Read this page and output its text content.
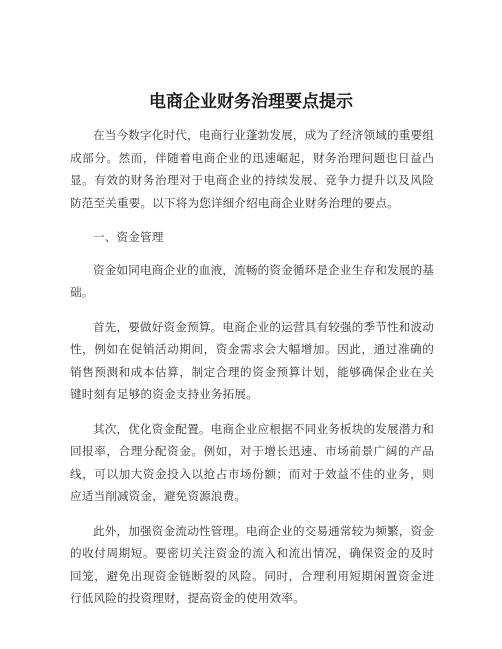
电商企业财务治理要点提示

在当今数字化时代，电商行业蓬勃发展，成为了经济领域的重要组成部分。然而，伴随着电商企业的迅速崛起，财务治理问题也日益凸显。有效的财务治理对于电商企业的持续发展、竞争力提升以及风险防范至关重要。以下将为您详细介绍电商企业财务治理的要点。

一、资金管理

资金如同电商企业的血液，流畅的资金循环是企业生存和发展的基础。

首先，要做好资金预算。电商企业的运营具有较强的季节性和波动性，例如在促销活动期间，资金需求会大幅增加。因此，通过准确的销售预测和成本估算，制定合理的资金预算计划，能够确保企业在关键时刻有足够的资金支持业务拓展。

其次，优化资金配置。电商企业应根据不同业务板块的发展潜力和回报率，合理分配资金。例如，对于增长迅速、市场前景广阔的产品线，可以加大资金投入以抢占市场份额；而对于效益不佳的业务，则应适当削减资金，避免资源浪费。

此外，加强资金流动性管理。电商企业的交易通常较为频繁，资金的收付周期短。要密切关注资金的流入和流出情况，确保资金的及时回笼，避免出现资金链断裂的风险。同时，合理利用短期闲置资金进行低风险的投资理财，提高资金的使用效率。
